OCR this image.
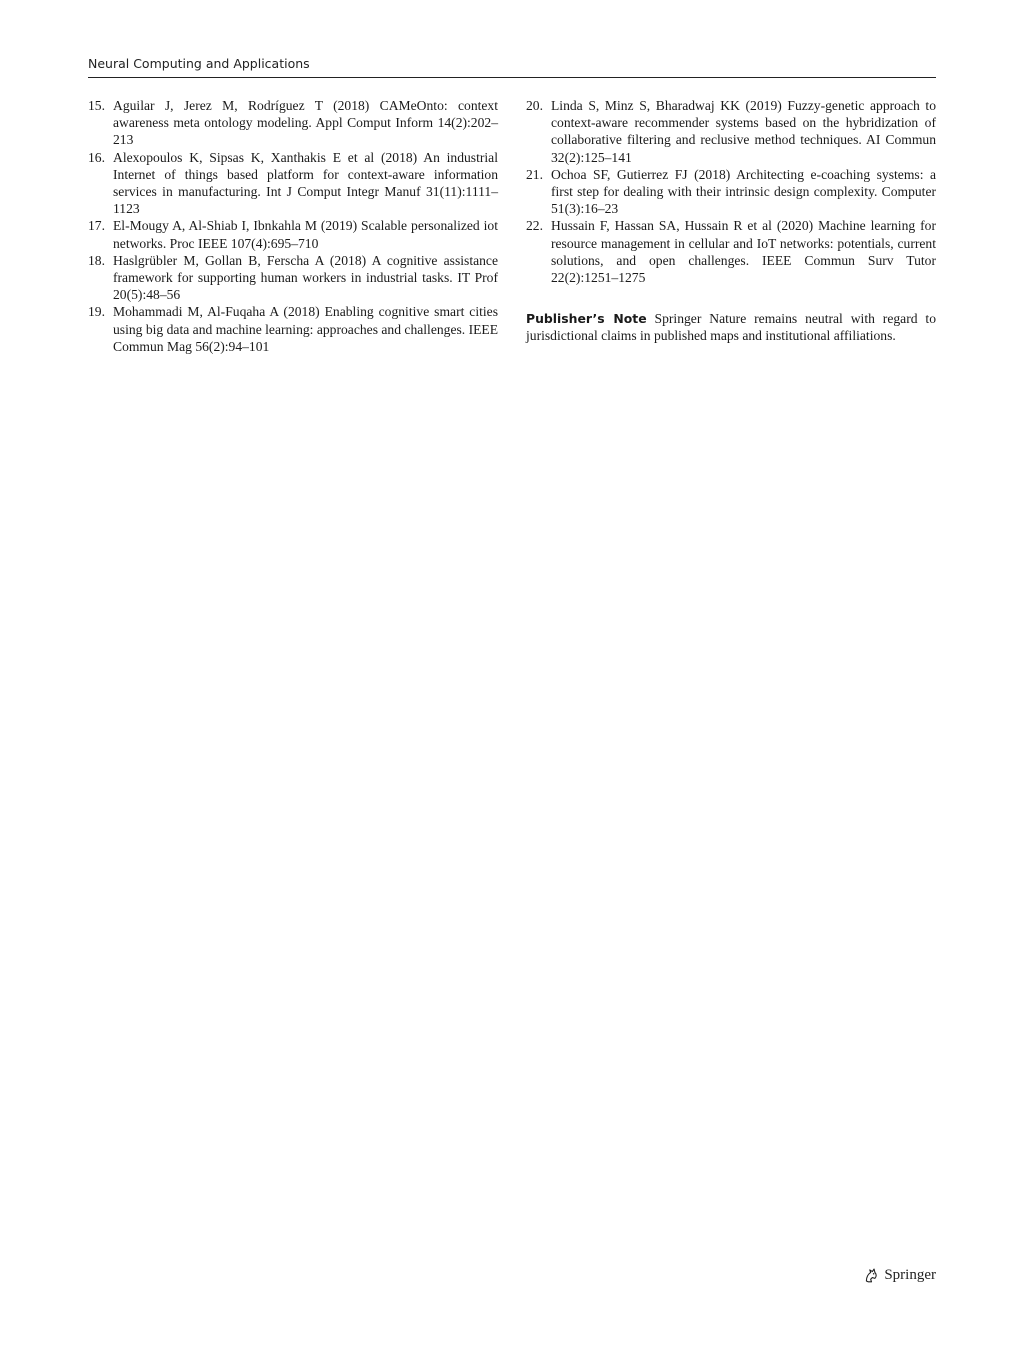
Neural Computing and Applications
15. Aguilar J, Jerez M, Rodríguez T (2018) CAMeOnto: context awareness meta ontology modeling. Appl Comput Inform 14(2):202–213
16. Alexopoulos K, Sipsas K, Xanthakis E et al (2018) An industrial Internet of things based platform for context-aware information services in manufacturing. Int J Comput Integr Manuf 31(11):1111–1123
17. El-Mougy A, Al-Shiab I, Ibnkahla M (2019) Scalable personalized iot networks. Proc IEEE 107(4):695–710
18. Haslgrübler M, Gollan B, Ferscha A (2018) A cognitive assistance framework for supporting human workers in industrial tasks. IT Prof 20(5):48–56
19. Mohammadi M, Al-Fuqaha A (2018) Enabling cognitive smart cities using big data and machine learning: approaches and challenges. IEEE Commun Mag 56(2):94–101
20. Linda S, Minz S, Bharadwaj KK (2019) Fuzzy-genetic approach to context-aware recommender systems based on the hybridization of collaborative filtering and reclusive method techniques. AI Commun 32(2):125–141
21. Ochoa SF, Gutierrez FJ (2018) Architecting e-coaching systems: a first step for dealing with their intrinsic design complexity. Computer 51(3):16–23
22. Hussain F, Hassan SA, Hussain R et al (2020) Machine learning for resource management in cellular and IoT networks: potentials, current solutions, and open challenges. IEEE Commun Surv Tutor 22(2):1251–1275

Publisher’s Note Springer Nature remains neutral with regard to jurisdictional claims in published maps and institutional affiliations.

Springer
